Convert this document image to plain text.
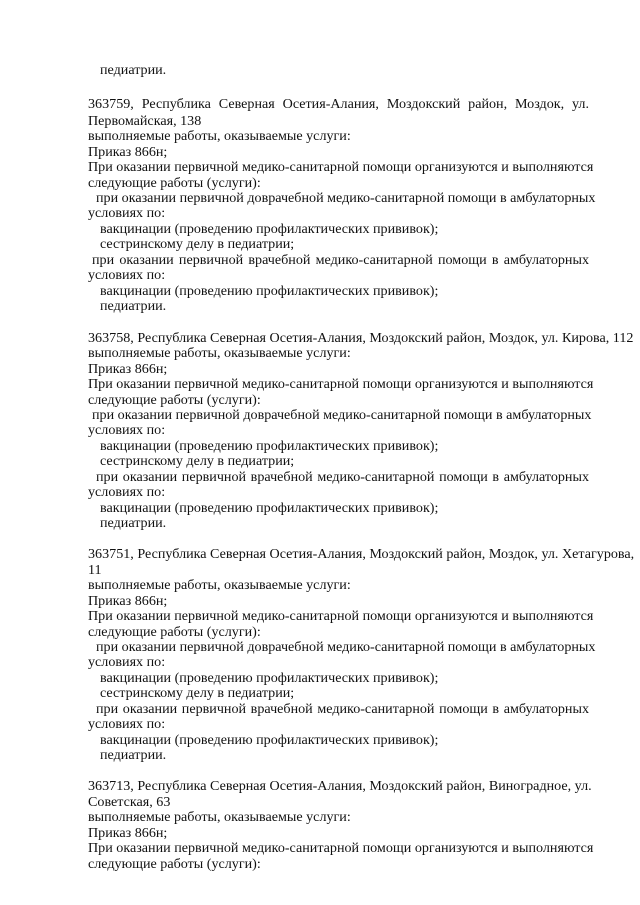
педиатрии.
363759, Республика Северная Осетия-Алания, Моздокский район, Моздок, ул.
Первомайская, 138
выполняемые работы, оказываемые услуги:
Приказ 866н;
При оказании первичной медико-санитарной помощи организуются и выполняются
следующие работы (услуги):
при оказании первичной доврачебной медико-санитарной помощи в амбулаторных
условиях по:
вакцинации (проведению профилактических прививок);
сестринскому делу в педиатрии;
при оказании первичной врачебной медико-санитарной помощи в амбулаторных
условиях по:
вакцинации (проведению профилактических прививок);
педиатрии.
363758, Республика Северная Осетия-Алания, Моздокский район, Моздок, ул. Кирова, 112
выполняемые работы, оказываемые услуги:
Приказ 866н;
При оказании первичной медико-санитарной помощи организуются и выполняются
следующие работы (услуги):
при оказании первичной доврачебной медико-санитарной помощи в амбулаторных
условиях по:
вакцинации (проведению профилактических прививок);
сестринскому делу в педиатрии;
при оказании первичной врачебной медико-санитарной помощи в амбулаторных
условиях по:
вакцинации (проведению профилактических прививок);
педиатрии.
363751, Республика Северная Осетия-Алания, Моздокский район, Моздок, ул. Хетагурова,
11
выполняемые работы, оказываемые услуги:
Приказ 866н;
При оказании первичной медико-санитарной помощи организуются и выполняются
следующие работы (услуги):
при оказании первичной доврачебной медико-санитарной помощи в амбулаторных
условиях по:
вакцинации (проведению профилактических прививок);
сестринскому делу в педиатрии;
при оказании первичной врачебной медико-санитарной помощи в амбулаторных
условиях по:
вакцинации (проведению профилактических прививок);
педиатрии.
363713, Республика Северная Осетия-Алания, Моздокский район, Виноградное, ул.
Советская, 63
выполняемые работы, оказываемые услуги:
Приказ 866н;
При оказании первичной медико-санитарной помощи организуются и выполняются
следующие работы (услуги):
